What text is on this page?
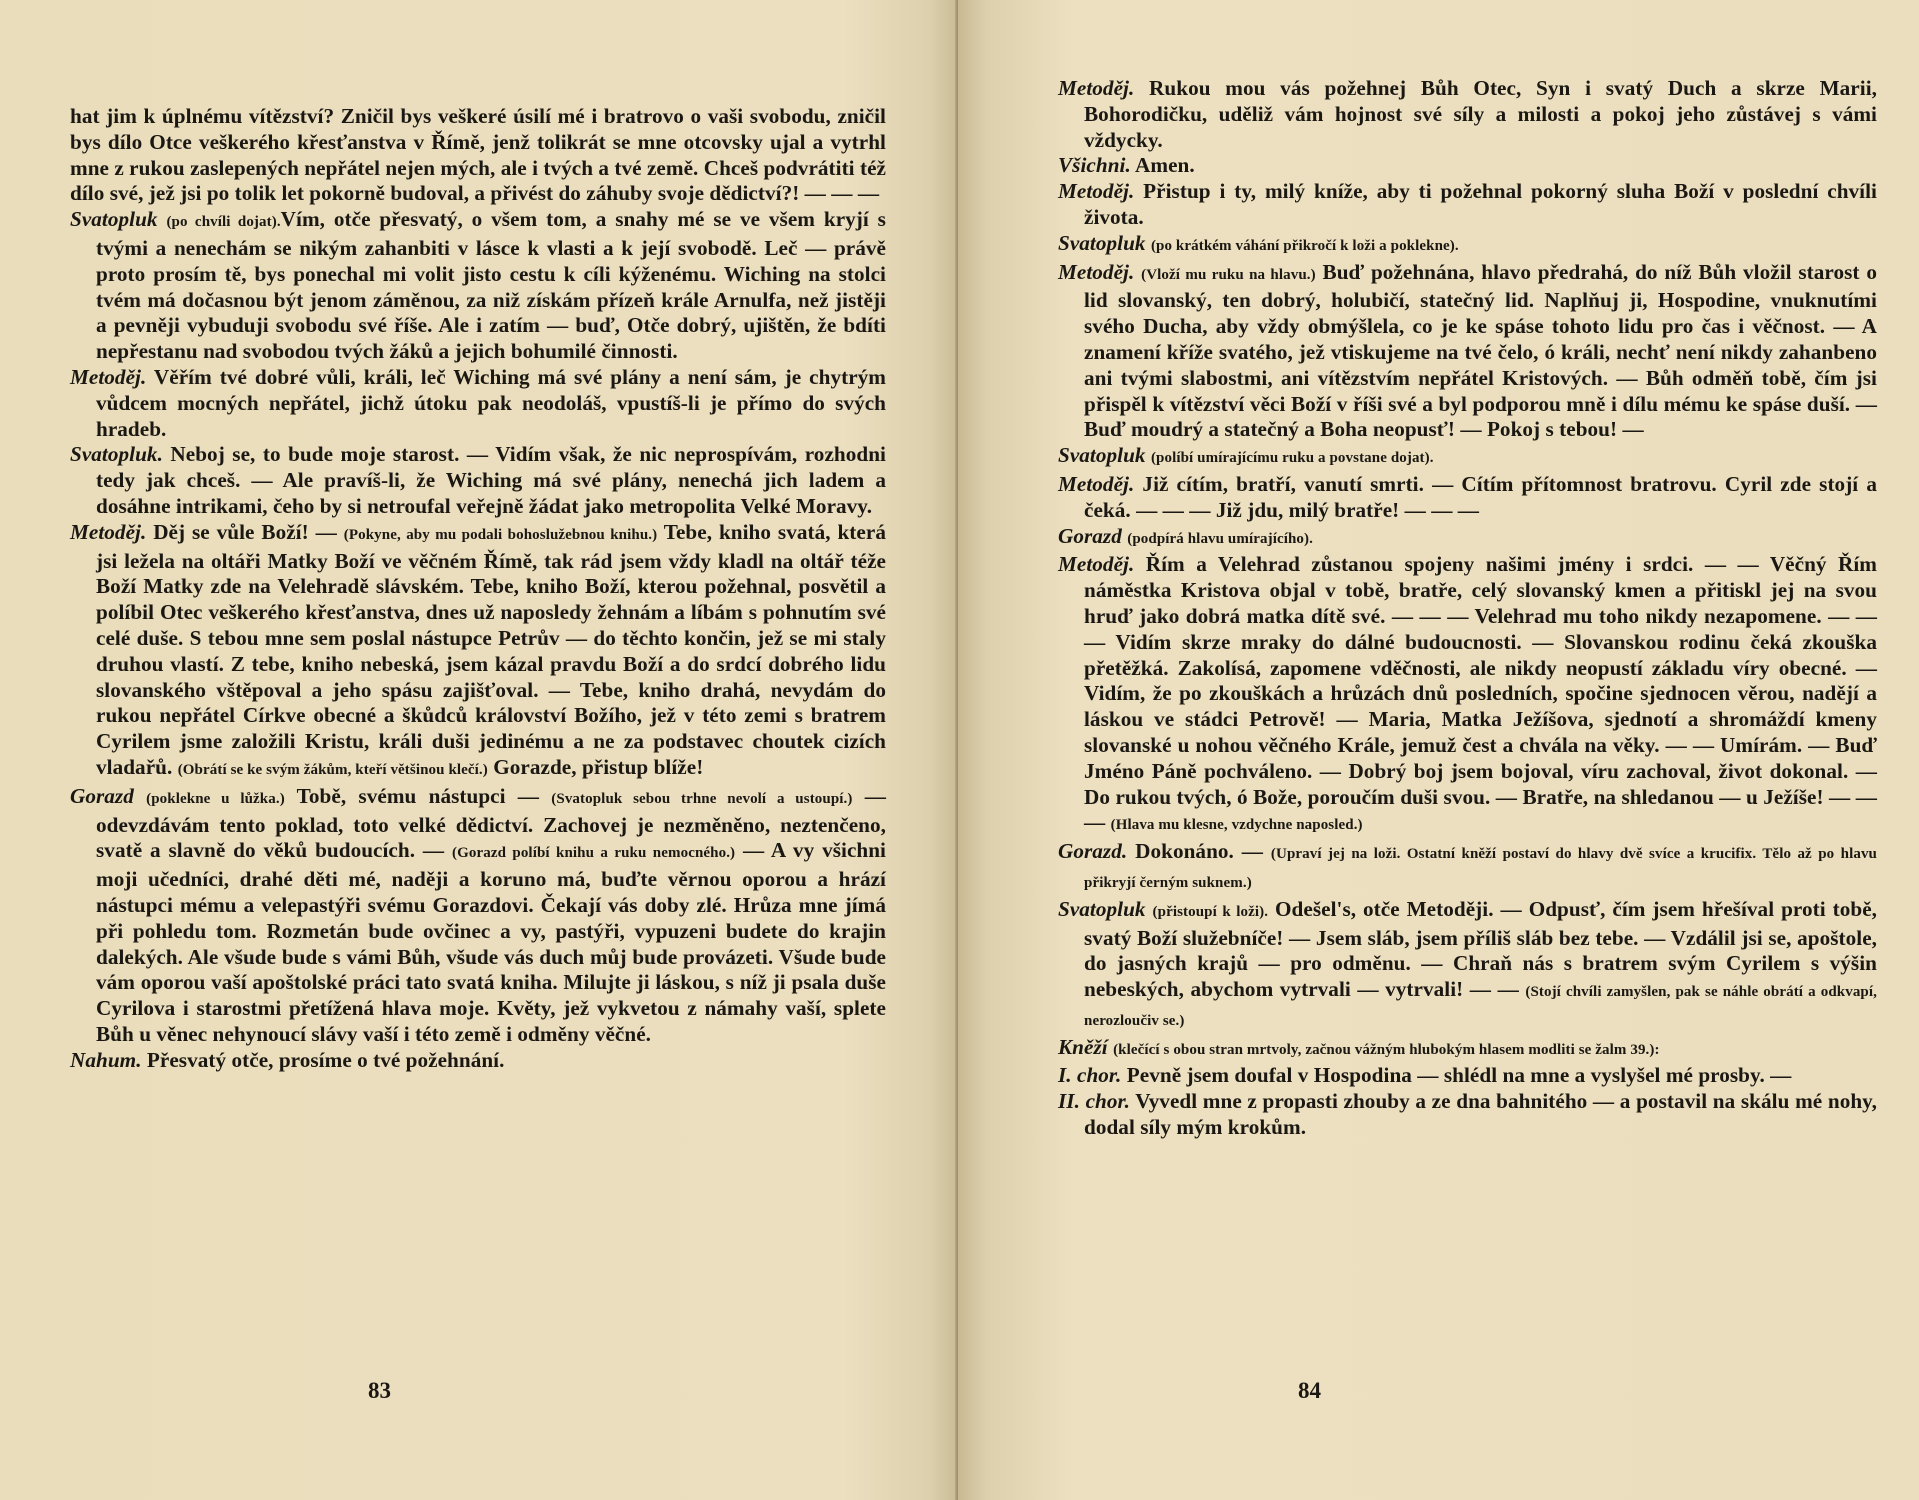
hat jim k úplnému vítězství? Zničil bys veškeré úsilí mé i bratrovo o vaši svobodu, zničil bys dílo Otce veškerého křesťanstva v Římě, jenž tolikrát se mne otcovsky ujal a vytrhl mne z rukou zaslepených nepřátel nejen mých, ale i tvých a tvé země. Chceš podvrátiti též dílo své, jež jsi po tolik let pokorně budoval, a přivést do záhuby svoje dědictví?! — — —

Svatopluk (po chvíli dojat).Vím, otče přesvatý, o všem tom, a snahy mé se ve všem kryjí s tvými a nenechám se nikým zahanbiti v lásce k vlasti a k její svobodě. Leč — právě proto prosím tě, bys ponechal mi volit jisto cestu k cíli kýženému. Wiching na stolci tvém má dočasnou být jenom záměnou, za niž získám přízeň krále Arnulfa, než jistěji a pevněji vybuduji svobodu své říše. Ale i zatím — buď, Otče dobrý, ujištěn, že bdíti nepřestanu nad svobodou tvých žáků a jejich bohumilé činnosti.

Metoděj. Věřím tvé dobré vůli, králi, leč Wiching má své plány a není sám, je chytrým vůdcem mocných nepřátel, jichž útoku pak neodoláš, vpustíš-li je přímo do svých hradeb.

Svatopluk. Neboj se, to bude moje starost. — Vidím však, že nic neprospívám, rozhodni tedy jak chceš. — Ale pravíš-li, že Wiching má své plány, nenechá jich ladem a dosáhne intrikami, čeho by si netroufal veřejně žádat jako metropolita Velké Moravy.

Metoděj. Děj se vůle Boží! — (Pokyne, aby mu podali bohoslužebnou knihu.) Tebe, kniho svatá, která jsi ležela na oltáři Matky Boží ve věčném Římě, tak rád jsem vždy kladl na oltář téže Boží Matky zde na Velehradě slávském. Tebe, kniho Boží, kterou požehnal, posvětil a políbil Otec veškerého křesťanstva, dnes už naposledy žehnám a líbám s pohnutím své celé duše. S tebou mne sem poslal nástupce Petrův — do těchto končin, jež se mi staly druhou vlastí. Z tebe, kniho nebeská, jsem kázal pravdu Boží a do srdcí dobrého lidu slovanského vštěpoval a jeho spásu zajišťoval. — Tebe, kniho drahá, nevydám do rukou nepřátel Církve obecné a škůdců království Božího, jež v této zemi s bratrem Cyrilem jsme založili Kristu, králi duši jedinému a ne za podstavec choutek cizích vladařů. (Obrátí se ke svým žákům, kteří většinou klečí.) Gorazde, přistup blíže!

Gorazd (poklekne u lůžka.) Tobě, svému nástupci — (Svatopluk sebou trhne nevolí a ustoupí.) — odevzdávám tento poklad, toto velké dědictví. Zachovej je nezměněno, neztenčeno, svatě a slavně do věků budoucích. — (Gorazd políbí knihu a ruku nemocného.) — A vy všichni moji učedníci, drahé děti mé, naději a koruno má, buďte věrnou oporou a hrází nástupci mému a velepastýři svému Gorazdovi. Čekají vás doby zlé. Hrůza mne jímá při pohledu tom. Rozmetán bude ovčinec a vy, pastýři, vypuzeni budete do krajin dalekých. Ale všude bude s vámi Bůh, všude vás duch můj bude provázeti. Všude bude vám oporou vaší apoštolské práci tato svatá kniha. Milujte ji láskou, s níž ji psala duše Cyrilova i starostmi přetížená hlava moje. Květy, jež vykvetou z námahy vaší, splete Bůh u věnec nehynoucí slávy vaší i této země i odměny věčné.

Nahum. Přesvatý otče, prosíme o tvé požehnání.

83

Metoděj. Rukou mou vás požehnej Bůh Otec, Syn i svatý Duch a skrze Marii, Bohorodičku, uděliž vám hojnost své síly a milosti a pokoj jeho zůstávej s vámi vždycky.

Všichni. Amen.

Metoděj. Přistup i ty, milý kníže, aby ti požehnal pokorný sluha Boží v poslední chvíli života.

Svatopluk (po krátkém váhání přikročí k loži a poklekne).

Metoděj. (Vloží mu ruku na hlavu.) Buď požehnána, hlavo předrahá, do níž Bůh vložil starost o lid slovanský, ten dobrý, holubičí, statečný lid. Naplňuj ji, Hospodine, vnuknutími svého Ducha, aby vždy obmýšlela, co je ke spáse tohoto lidu pro čas i věčnost. — A znamení kříže svatého, jež vtiskujeme na tvé čelo, ó králi, nechť není nikdy zahanbeno ani tvými slabostmi, ani vítězstvím nepřátel Kristových. — Bůh odměň tobě, čím jsi přispěl k vítězství věci Boží v říši své a byl podporou mně i dílu mému ke spáse duší. — Buď moudrý a statečný a Boha neopusť! — Pokoj s tebou! —

Svatopluk (políbí umírajícímu ruku a povstane dojat).

Metoděj. Již cítím, bratří, vanutí smrti. — Cítím přítomnost bratrovu. Cyril zde stojí a čeká. — — — Již jdu, milý bratře! — — —

Gorazd (podpírá hlavu umírajícího).

Metoděj. Řím a Velehrad zůstanou spojeny našimi jmény i srdci. — — Věčný Řím náměstka Kristova objal v tobě, bratře, celý slovanský kmen a přitiskl jej na svou hruď jako dobrá matka dítě své. — — — Velehrad mu toho nikdy nezapomene. — — — Vidím skrze mraky do dálné budoucnosti. — Slovanskou rodinu čeká zkouška přetěžká. Zakolísá, zapomene vděčnosti, ale nikdy neopustí základu víry obecné. — Vidím, že po zkouškách a hrůzách dnů posledních, spočine sjednocen věrou, nadějí a láskou ve stádci Petrově! — Maria, Matka Ježíšova, sjednotí a shromáždí kmeny slovanské u nohou věčného Krále, jemuž čest a chvála na věky. — — Umírám. — Buď Jméno Páně pochváleno. — Dobrý boj jsem bojoval, víru zachoval, život dokonal. — Do rukou tvých, ó Bože, poroučím duši svou. — Bratře, na shledanou — u Ježíše! — — — (Hlava mu klesne, vzdychne naposled.)

Gorazd. Dokonáno. — (Upraví jej na loži. Ostatní kněží postaví do hlavy dvě svíce a krucifix. Tělo až po hlavu přikryjí černým suknem.)

Svatopluk (přistoupí k loži). Odešel's, otče Metoději. — Odpusť, čím jsem hřešíval proti tobě, svatý Boží služebníče! — Jsem sláb, jsem příliš sláb bez tebe. — Vzdálil jsi se, apoštole, do jasných krajů — pro odměnu. — Chraň nás s bratrem svým Cyrilem s výšin nebeských, abychom vytrvali — vytrvali! — — (Stojí chvíli zamyšlen, pak se náhle obrátí a odkvapí, nerozloučiv se.)

Kněží (klečící s obou stran mrtvoly, začnou vážným hlubokým hlasem modliti se žalm 39.):

I. chor. Pevně jsem doufal v Hospodina — shlédl na mne a vyslyšel mé prosby. —

II. chor. Vyvedl mne z propasti zhouby a ze dna bahnitého — a postavil na skálu mé nohy, dodal síly mým krokům.

84
